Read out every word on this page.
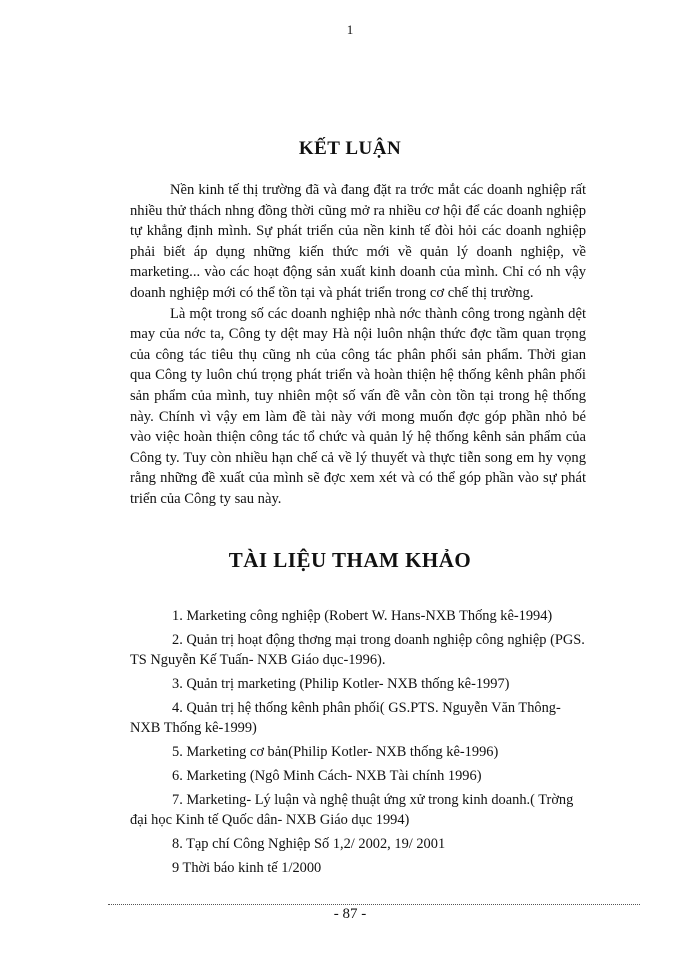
1
KẾT LUẬN

Nền kinh tế thị trường đã và đang đặt ra trớc mắt các doanh nghiệp rất nhiều thử thách nhng đồng thời cũng mở ra nhiều cơ hội để các doanh nghiệp tự khẳng định mình. Sự phát triển của nền kinh tế đòi hỏi các doanh nghiệp phải biết áp dụng những kiến thức mới về quản lý doanh nghiệp, về marketing... vào các hoạt động sản xuất kinh doanh của mình. Chỉ có nh vậy doanh nghiệp mới có thể tồn tại và phát triển trong cơ chế thị trường.

Là một trong số các doanh nghiệp nhà nớc thành công trong ngành dệt may của nớc ta, Công ty dệt may Hà nội luôn nhận thức đợc tầm quan trọng của công tác tiêu thụ cũng nh của công tác phân phối sản phẩm. Thời gian qua Công ty luôn chú trọng phát triển và hoàn thiện hệ thống kênh phân phối sản phẩm của mình, tuy nhiên một số vấn đề vẫn còn tồn tại trong hệ thống này. Chính vì vậy em làm đề tài này với mong muốn đợc góp phần nhỏ bé vào việc hoàn thiện công tác tổ chức và quản lý hệ thống kênh sản phẩm của Công ty. Tuy còn nhiều hạn chế cả về lý thuyết và thực tiễn song em hy vọng rằng những đề xuất của mình sẽ đợc xem xét và có thể góp phần vào sự phát triển của Công ty sau này.

TÀI LIỆU THAM KHẢO

1. Marketing công nghiệp (Robert W. Hans-NXB Thống kê-1994)

2. Quản trị hoạt động thơng mại trong doanh nghiệp công nghiệp (PGS. TS Nguyễn Kế Tuấn- NXB Giáo dục-1996).

3. Quản trị marketing (Philip Kotler- NXB thống kê-1997)

4. Quản trị hệ thống kênh phân phối( GS.PTS. Nguyễn Văn Thông- NXB Thống kê-1999)

5. Marketing cơ bản(Philip Kotler- NXB thống kê-1996)

6. Marketing (Ngô Minh Cách- NXB Tài chính 1996)

7. Marketing- Lý luận và nghệ thuật ứng xử trong kinh doanh.( Trờng đại học Kinh tế Quốc dân- NXB Giáo dục 1994)

8. Tạp chí Công Nghiệp Số 1,2/ 2002, 19/ 2001

9 Thời báo kinh tế 1/2000

- 87 -
